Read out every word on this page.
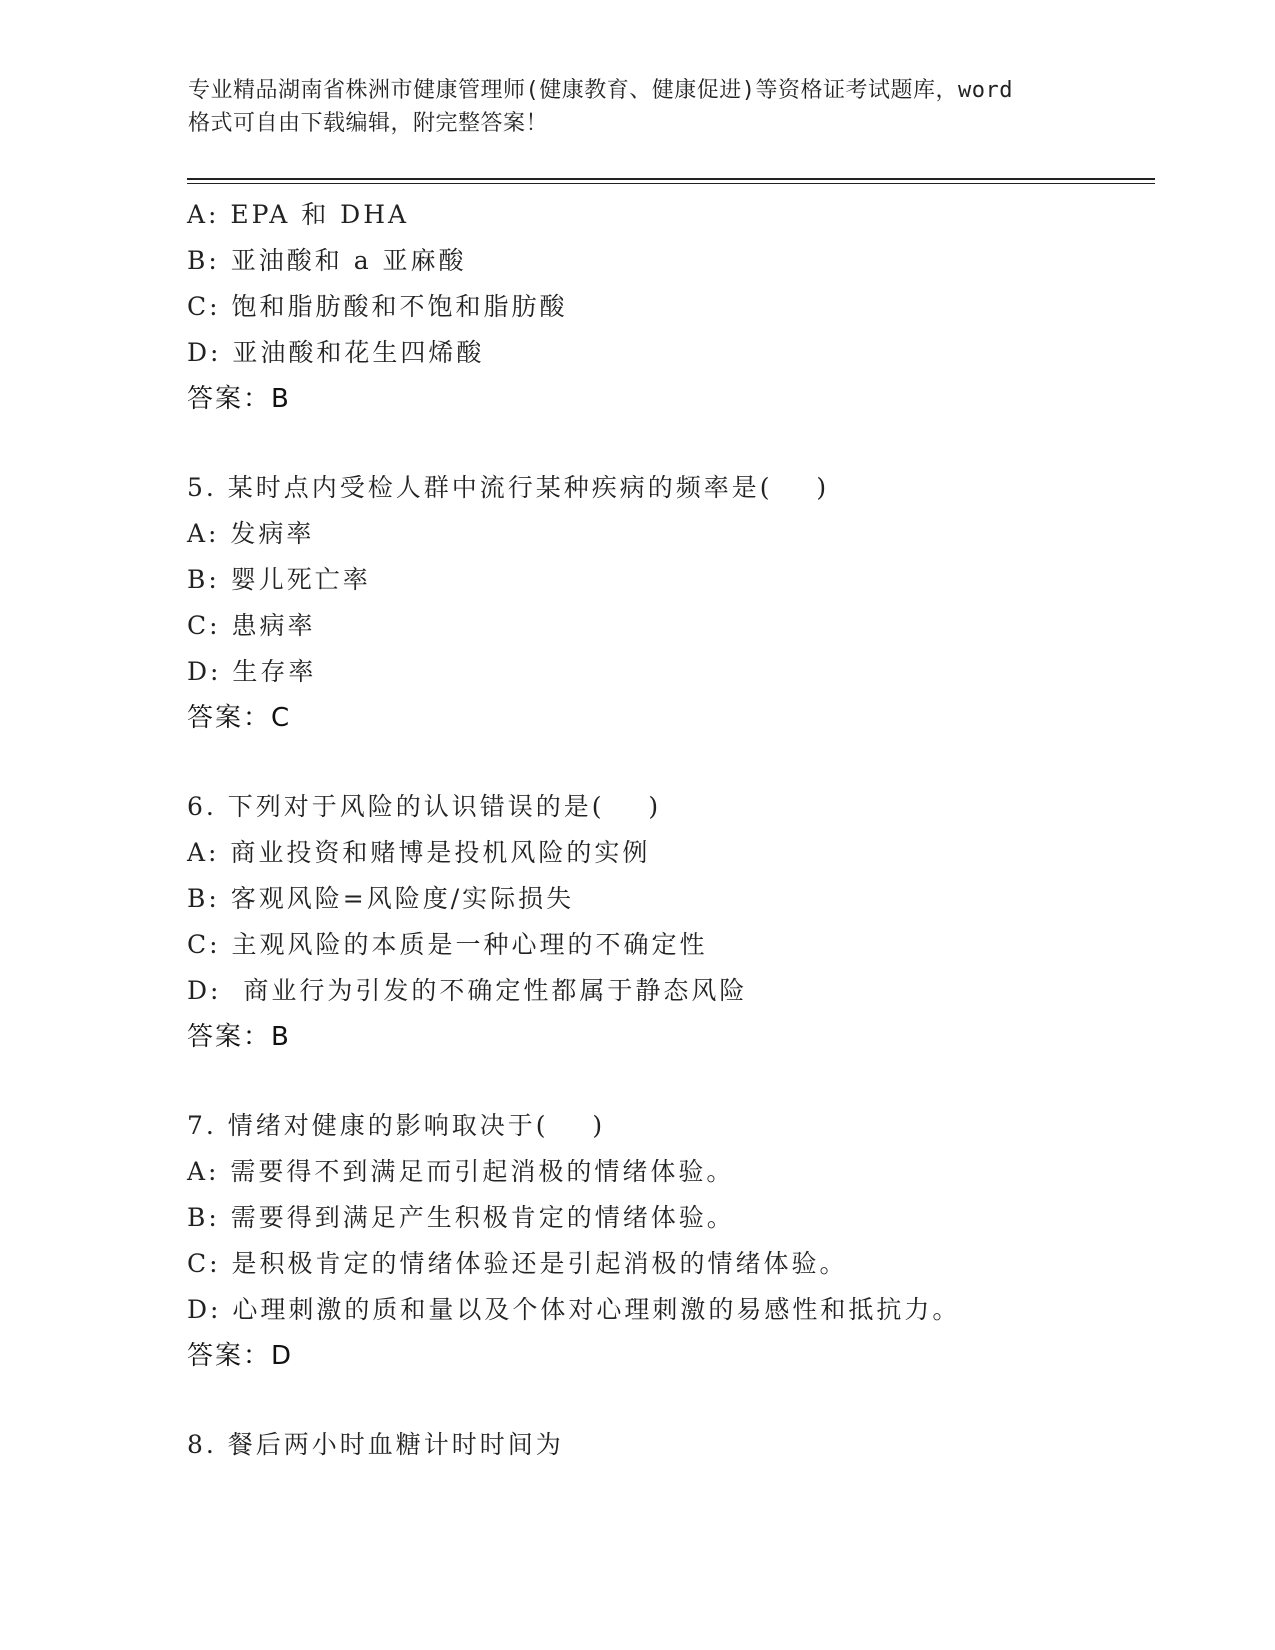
专业精品湖南省株洲市健康管理师(健康教育、健康促进)等资格证考试题库，word
格式可自由下载编辑，附完整答案！
A: EPA 和 DHA
B: 亚油酸和 a 亚麻酸
C: 饱和脂肪酸和不饱和脂肪酸
D: 亚油酸和花生四烯酸
答案：B
5. 某时点内受检人群中流行某种疾病的频率是(    )
A: 发病率
B: 婴儿死亡率
C: 患病率
D: 生存率
答案：C
6. 下列对于风险的认识错误的是(    )
A: 商业投资和赌博是投机风险的实例
B: 客观风险=风险度/实际损失
C: 主观风险的本质是一种心理的不确定性
D:  商业行为引发的不确定性都属于静态风险
答案：B
7. 情绪对健康的影响取决于(    )
A: 需要得不到满足而引起消极的情绪体验。
B: 需要得到满足产生积极肯定的情绪体验。
C: 是积极肯定的情绪体验还是引起消极的情绪体验。
D: 心理刺激的质和量以及个体对心理刺激的易感性和抵抗力。
答案：D
8. 餐后两小时血糖计时时间为
